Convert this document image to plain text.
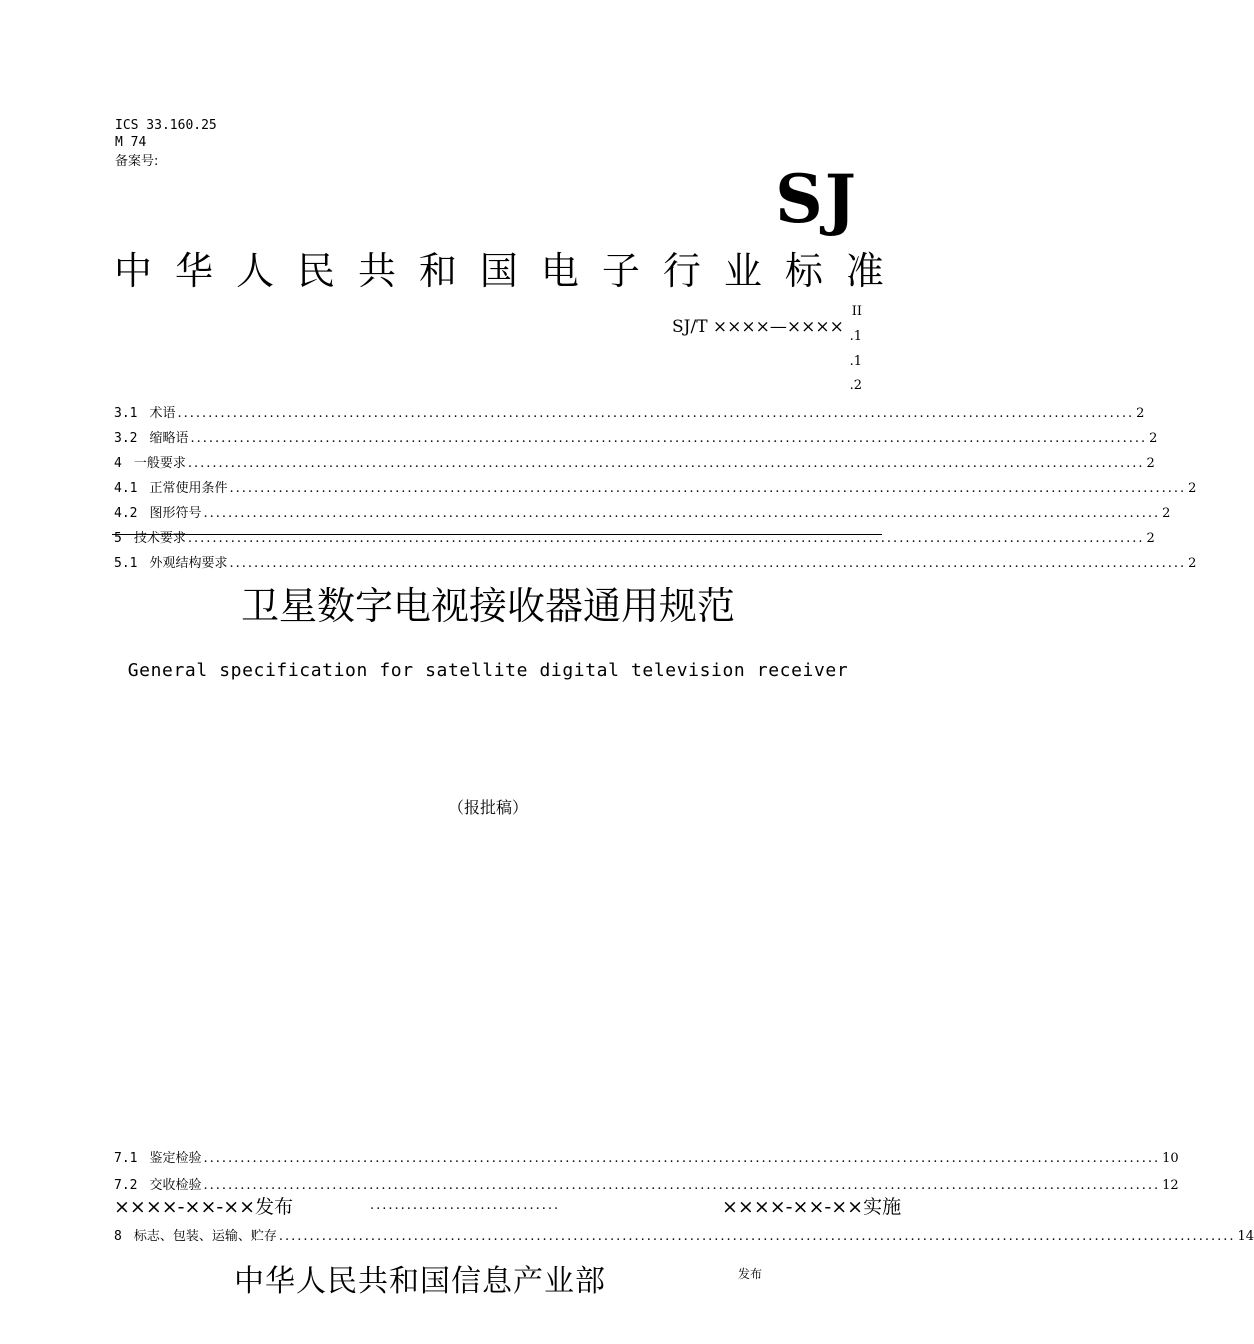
ICS 33.160.25
M 74
备案号:	SJ
中 华 人 民 共 和 国 电 子 行 业 标 准
SJ/T ××××—××××
II
.1
.1
.2
3.1 术语 ............................................................................................................................................................ 2
3.2 缩略语 ............................................................................................................................................................ 2
4 一般要求 ............................................................................................................................................................ 2
4.1 正常使用条件 ............................................................................................................................................................ 2
4.2 图形符号 ............................................................................................................................................................ 2
5 技术要求 ............................................................................................................................................................ 2
5.1 外观结构要求 ............................................................................................................................................................ 2
卫星数字电视接收器通用规范
General specification for satellite digital television receiver
（报批稿）
7.1 鉴定检验 ............................................................................................................................................................ 10
7.2 交收检验 ............................................................................................................................................................ 12
××××-××-××发布	...............................	××××-××-××实施
8 标志、包装、运输、贮存 ............................................................................................................................................................ 14
中华人民共和国信息产业部	发布
